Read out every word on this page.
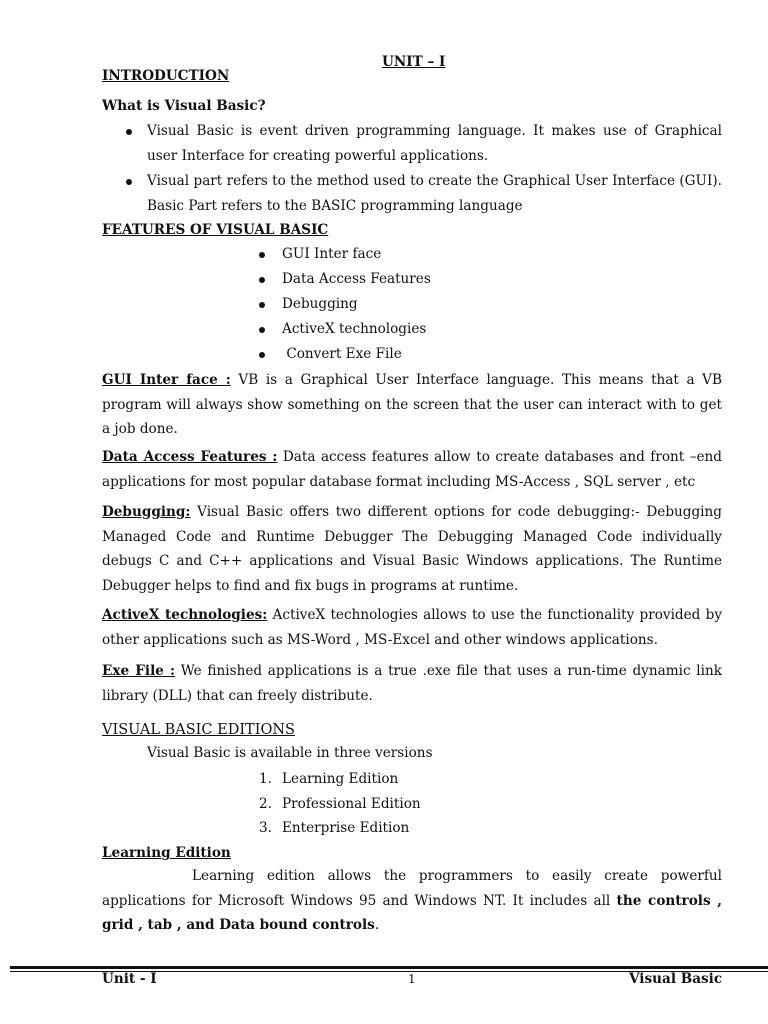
UNIT – I
INTRODUCTION
What is Visual Basic?
Visual Basic is event driven programming language. It makes use of Graphical user Interface for creating powerful applications.
Visual part refers to the method used to create the Graphical User Interface (GUI). Basic Part refers to the BASIC programming language
FEATURES OF VISUAL BASIC
GUI Inter face
Data Access Features
Debugging
ActiveX technologies
Convert Exe File
GUI Inter face : VB is a Graphical User Interface language. This means that a VB program will always show something on the screen that the user can interact with to get a job done.
Data Access Features : Data access features allow to create databases and front –end applications for most popular database format including MS-Access , SQL server , etc
Debugging: Visual Basic offers two different options for code debugging:- Debugging Managed Code and Runtime Debugger The Debugging Managed Code individually debugs C and C++ applications and Visual Basic Windows applications. The Runtime Debugger helps to find and fix bugs in programs at runtime.
ActiveX technologies: ActiveX technologies allows to use the functionality provided by other applications such as MS-Word , MS-Excel and other windows applications.
Exe File : We finished applications is a true .exe file that uses a run-time dynamic link library (DLL) that can freely distribute.
VISUAL BASIC EDITIONS
Visual Basic is available in three versions
1. Learning Edition
2. Professional Edition
3. Enterprise Edition
Learning Edition
Learning edition allows the programmers to easily create powerful applications for Microsoft Windows 95 and Windows NT. It includes all the controls , grid , tab , and Data bound controls.
Unit - I	1	Visual Basic
